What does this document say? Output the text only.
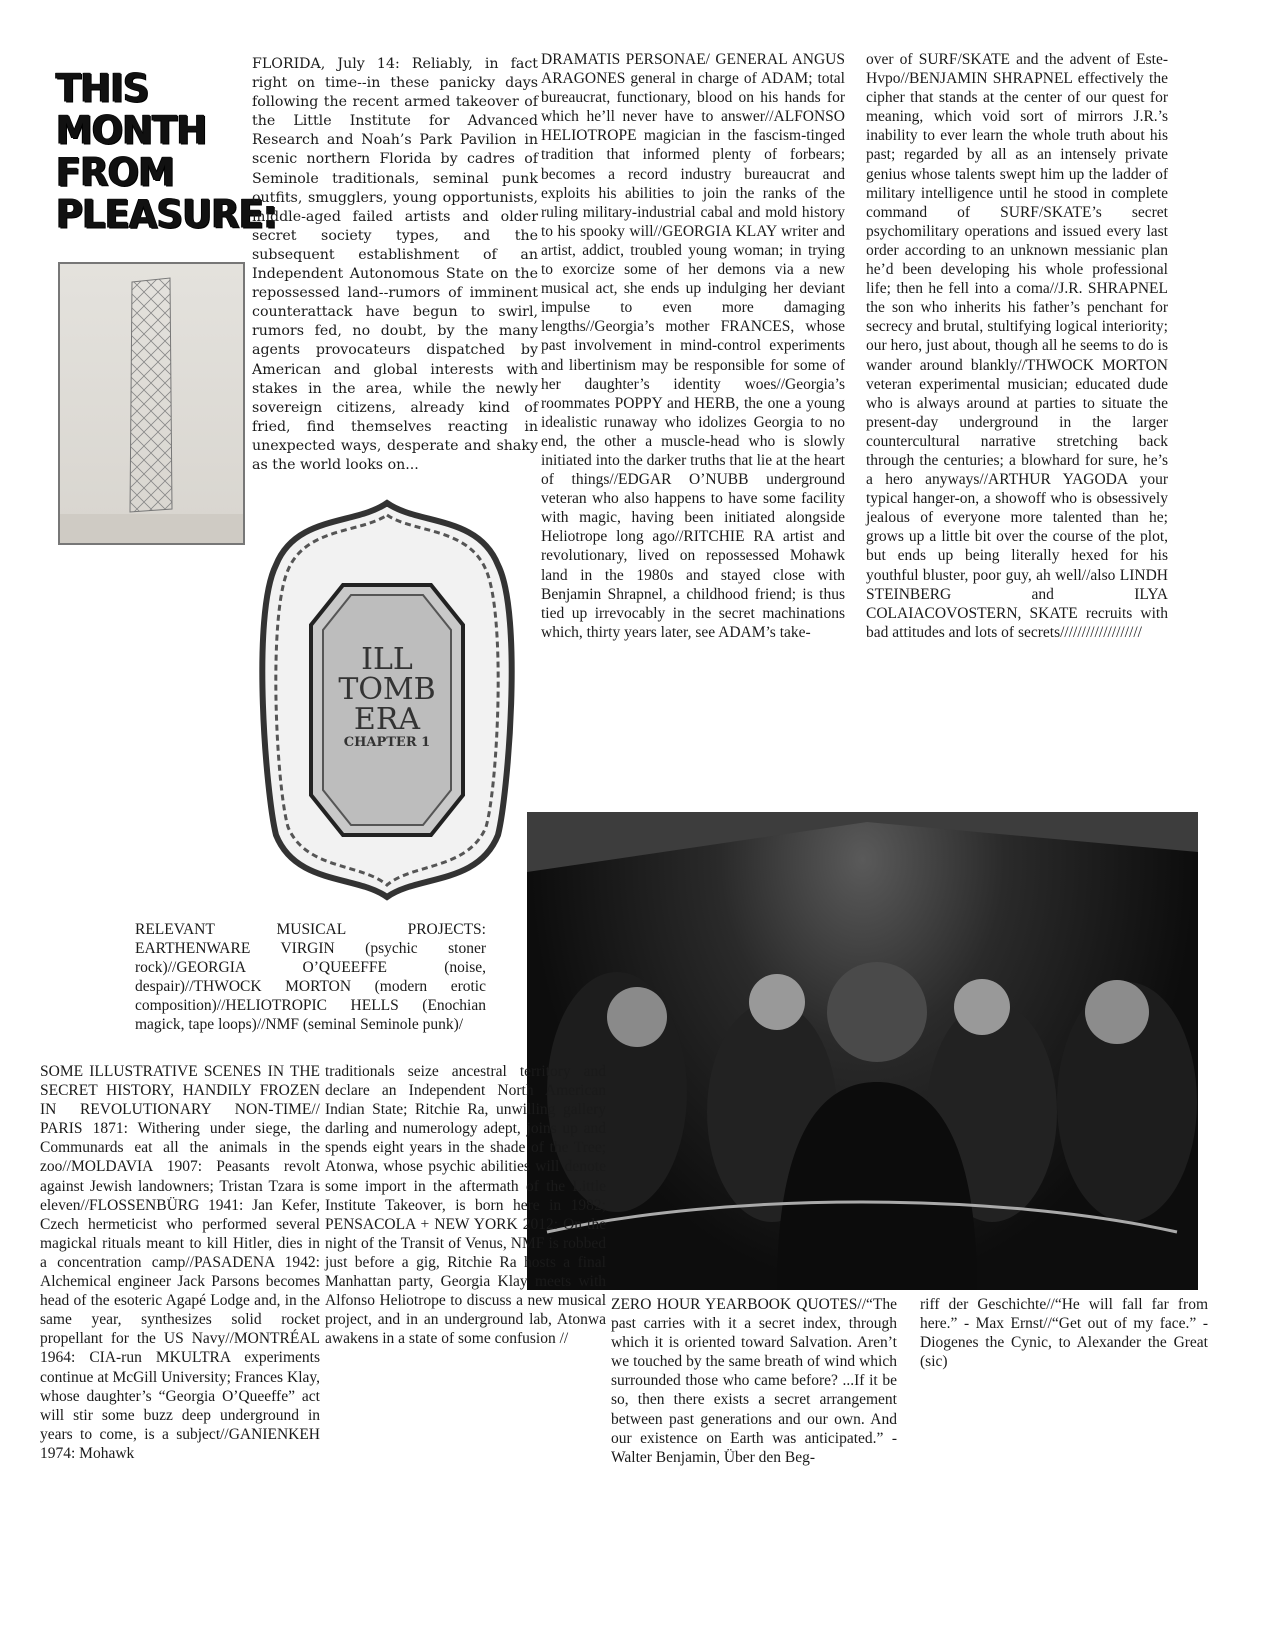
THIS MONTH FROM PLEASURE:

FLORIDA, July 14: Reliably, in fact right on time--in these panicky days following the recent armed takeover of the Little Institute for Advanced Research and Noah’s Park Pavilion in scenic northern Florida by cadres of Seminole traditionals, seminal punk outfits, smugglers, young opportunists, middle-aged failed artists and older secret society types, and the subsequent establishment of an Independent Autonomous State on the repossessed land--rumors of imminent counterattack have begun to swirl, rumors fed, no doubt, by the many agents provocateurs dispatched by American and global interests with stakes in the area, while the newly sovereign citizens, already kind of fried, find themselves reacting in unexpected ways, desperate and shaky as the world looks on...

DRAMATIS PERSONAE/ GENERAL ANGUS ARAGONES general in charge of ADAM; total bureaucrat, functionary, blood on his hands for which he’ll never have to answer//ALFONSO HELIOTROPE magician in the fascism-tinged tradition that informed plenty of forbears; becomes a record industry bureaucrat and exploits his abilities to join the ranks of the ruling military-industrial cabal and mold history to his spooky will//GEORGIA KLAY writer and artist, addict, troubled young woman; in trying to exorcize some of her demons via a new musical act, she ends up indulging her deviant impulse to even more damaging lengths//Georgia’s mother FRANCES, whose past involvement in mind-control experiments and libertinism may be responsible for some of her daughter’s identity woes//Georgia’s roommates POPPY and HERB, the one a young idealistic runaway who idolizes Georgia to no end, the other a muscle-head who is slowly initiated into the darker truths that lie at the heart of things//EDGAR O’NUBB underground veteran who also happens to have some facility with magic, having been initiated alongside Heliotrope long ago//RITCHIE RA artist and revolutionary, lived on repossessed Mohawk land in the 1980s and stayed close with Benjamin Shrapnel, a childhood friend; is thus tied up irrevocably in the secret machinations which, thirty years later, see ADAM’s take-

over of SURF/SKATE and the advent of Este-Hvpo//BENJAMIN SHRAPNEL effectively the cipher that stands at the center of our quest for meaning, which void sort of mirrors J.R.’s inability to ever learn the whole truth about his past; regarded by all as an intensely private genius whose talents swept him up the ladder of military intelligence until he stood in complete command of SURF/SKATE’s secret psychomilitary operations and issued every last order according to an unknown messianic plan he’d been developing his whole professional life; then he fell into a coma//J.R. SHRAPNEL the son who inherits his father’s penchant for secrecy and brutal, stultifying logical interiority; our hero, just about, though all he seems to do is wander around blankly//THWOCK MORTON veteran experimental musician; educated dude who is always around at parties to situate the present-day underground in the larger countercultural narrative stretching back through the centuries; a blowhard for sure, he’s a hero anyways//ARTHUR YAGODA your typical hanger-on, a showoff who is obsessively jealous of everyone more talented than he; grows up a little bit over the course of the plot, but ends up being literally hexed for his youthful bluster, poor guy, ah well//also LINDH STEINBERG and ILYA COLAIACOVOSTERN, SKATE recruits with bad attitudes and lots of secrets///////////////////

ILL
TOMB
ERA
CHAPTER 1

RELEVANT MUSICAL PROJECTS: EARTHENWARE VIRGIN (psychic stoner rock)//GEORGIA O’QUEEFFE (noise, despair)//THWOCK MORTON (modern erotic composition)//HELIOTROPIC HELLS (Enochian magick, tape loops)//NMF (seminal Seminole punk)/

SOME ILLUSTRATIVE SCENES IN THE SECRET HISTORY, HANDILY FROZEN IN REVOLUTIONARY NON-TIME// PARIS 1871: Withering under siege, the Communards eat all the animals in the zoo//MOLDAVIA 1907: Peasants revolt against Jewish landowners; Tristan Tzara is eleven//FLOSSENBÜRG 1941: Jan Kefer, Czech hermeticist who performed several magickal rituals meant to kill Hitler, dies in a concentration camp//PASADENA 1942: Alchemical engineer Jack Parsons becomes head of the esoteric Agapé Lodge and, in the same year, synthesizes solid rocket propellant for the US Navy//MONTRÉAL 1964: CIA-run MKULTRA experiments continue at McGill University; Frances Klay, whose daughter’s “Georgia O’Queeffe” act will stir some buzz deep underground in years to come, is a subject//GANIENKEH 1974: Mohawk

traditionals seize ancestral territory and declare an Independent North American Indian State; Ritchie Ra, unwilling gallery darling and numerology adept, joins up and spends eight years in the shade of the Tree; Atonwa, whose psychic abilities will denote some import in the aftermath of the Little Institute Takeover, is born here in 1982; PENSACOLA + NEW YORK 2012: On the night of the Transit of Venus, NMF is robbed just before a gig, Ritchie Ra hosts a final Manhattan party, Georgia Klay meets with Alfonso Heliotrope to discuss a new musical project, and in an underground lab, Atonwa awakens in a state of some confusion //

ZERO HOUR YEARBOOK QUOTES//“The past carries with it a secret index, through which it is oriented toward Salvation. Aren’t we touched by the same breath of wind which surrounded those who came before? ...If it be so, then there exists a secret arrangement between past generations and our own. And our existence on Earth was anticipated.” - Walter Benjamin, Über den Beg-

riff der Geschichte//“He will fall far from here.” - Max Ernst//“Get out of my face.” - Diogenes the Cynic, to Alexander the Great (sic)
